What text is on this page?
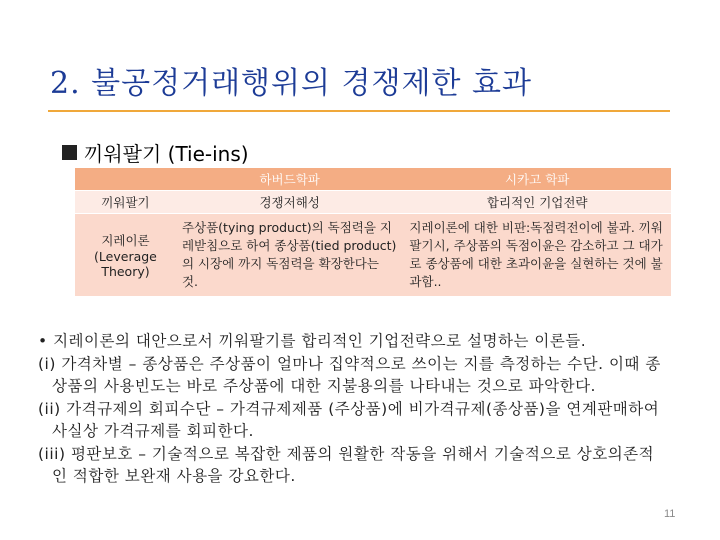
2. 불공정거래행위의 경쟁제한 효과
끼워팔기 (Tie-ins)
	하버드학파	시카고 학파
끼워팔기	경쟁저해성	합리적인 기업전략
지레이론 (Leverage Theory)	주상품(tying product)의 독점력을 지레받침으로 하여 종상품(tied product)의 시장에 까지 독점력을 확장한다는 것.	지레이론에 대한 비판:독점력전이에 불과. 끼워팔기시, 주상품의 독점이윤은 감소하고 그 대가로 종상품에 대한 초과이윤을 실현하는 것에 불과함..

• 지레이론의 대안으로서 끼워팔기를 합리적인 기업전략으로 설명하는 이론들.

(i) 가격차별 – 종상품은 주상품이 얼마나 집약적으로 쓰이는 지를 측정하는 수단. 이때 종상품의 사용빈도는 바로 주상품에 대한 지불용의를 나타내는 것으로 파악한다.

(ii) 가격규제의 회피수단 – 가격규제제품 (주상품)에 비가격규제(종상품)을 연계판매하여 사실상 가격규제를 회피한다.

(iii) 평판보호 – 기술적으로 복잡한 제품의 원활한 작동을 위해서 기술적으로 상호의존적인 적합한 보완재 사용을 강요한다.

11
